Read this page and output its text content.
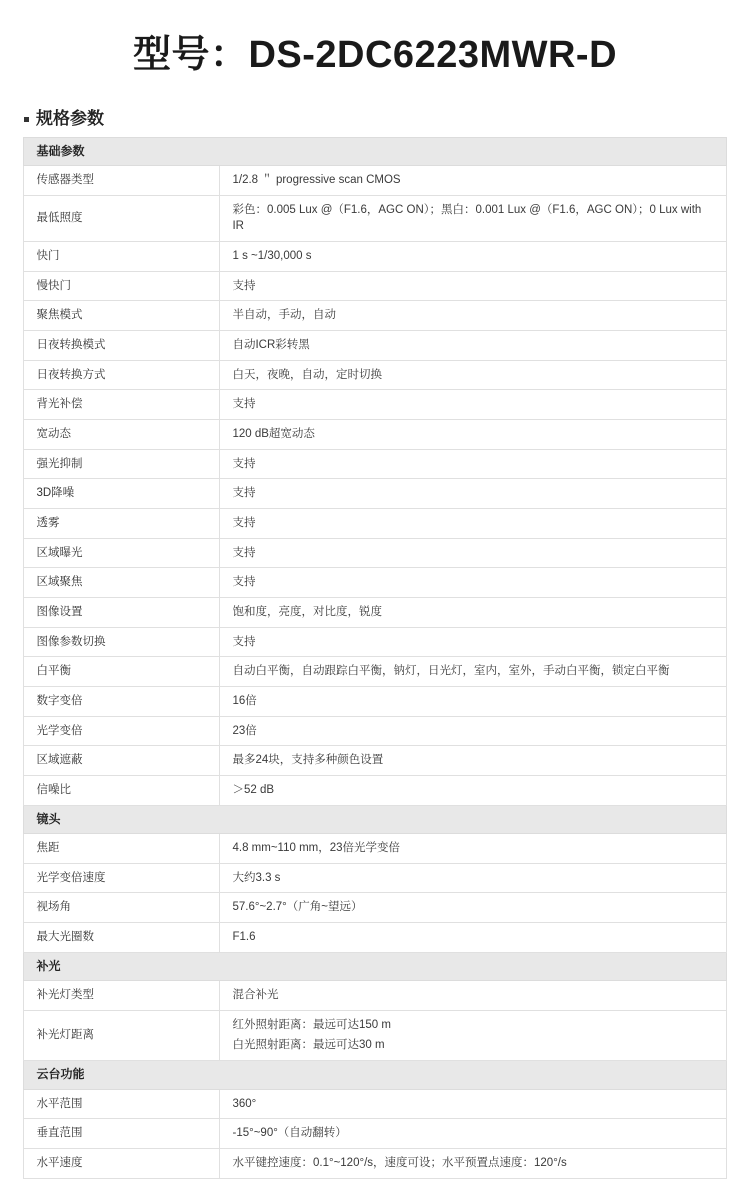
型号：DS-2DC6223MWR-D
规格参数
基础参数	
传感器类型	1/2.8 ＂ progressive scan CMOS
最低照度	彩色：0.005 Lux @（F1.6，AGC ON）；黑白：0.001 Lux @（F1.6，AGC ON）；0 Lux with IR
快门	1 s ~1/30,000 s
慢快门	支持
聚焦模式	半自动，手动，自动
日夜转换模式	自动ICR彩转黑
日夜转换方式	白天，夜晚，自动，定时切换
背光补偿	支持
宽动态	120 dB超宽动态
强光抑制	支持
3D降噪	支持
透雾	支持
区域曝光	支持
区域聚焦	支持
图像设置	饱和度，亮度，对比度，锐度
图像参数切换	支持
白平衡	自动白平衡，自动跟踪白平衡，钠灯，日光灯，室内，室外，手动白平衡，锁定白平衡
数字变倍	16倍
光学变倍	23倍
区域遮蔽	最多24块，支持多种颜色设置
信噪比	＞52 dB
镜头	
焦距	4.8 mm~110 mm，23倍光学变倍
光学变倍速度	大约3.3 s
视场角	57.6°~2.7°（广角~望远）
最大光圈数	F1.6
补光	
补光灯类型	混合补光
补光灯距离	红外照射距离：最远可达150 m
白光照射距离：最远可达30 m

云台功能	
水平范围	360°
垂直范围	-15°~90°（自动翻转）
水平速度	水平键控速度：0.1°~120°/s，速度可设；水平预置点速度：120°/s
